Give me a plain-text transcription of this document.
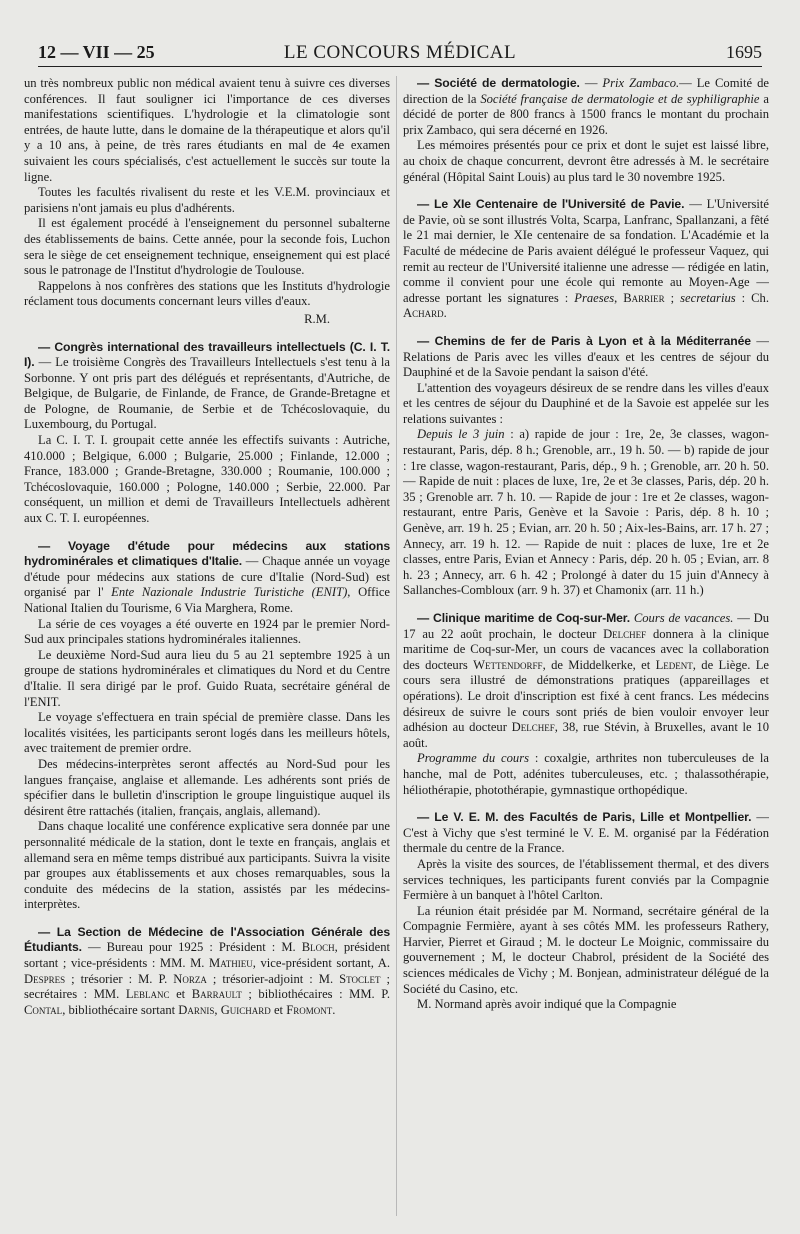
12 — VII — 25	LE CONCOURS MÉDICAL	1695

un très nombreux public non médical avaient tenu à suivre ces diverses conférences. Il faut souligner ici l'importance de ces diverses manifestations scientifiques. L'hydrologie et la climatologie sont entrées, de haute lutte, dans le domaine de la thérapeutique et alors qu'il y a 10 ans, à peine, de très rares étudiants en mal de 4e examen suivaient les cours spécialisés, c'est actuellement le succès sur toute la ligne.

Toutes les facultés rivalisent du reste et les V.E.M. provinciaux et parisiens n'ont jamais eu plus d'adhérents.

Il est également procédé à l'enseignement du personnel subalterne des établissements de bains. Cette année, pour la seconde fois, Luchon sera le siège de cet enseignement technique, enseignement qui est placé sous le patronage de l'Institut d'hydrologie de Toulouse.

Rappelons à nos confrères des stations que les Instituts d'hydrologie réclament tous documents concernant leurs villes d'eaux.

R.M.

— Congrès international des travailleurs intellectuels (C. I. T. I). — Le troisième Congrès des Travailleurs Intellectuels s'est tenu à la Sorbonne. Y ont pris part des délégués et représentants, d'Autriche, de Belgique, de Bulgarie, de Finlande, de France, de Grande-Bretagne et de Pologne, de Roumanie, de Serbie et de Tchécoslovaquie, du Luxembourg, du Portugal.

La C. I. T. I. groupait cette année les effectifs suivants : Autriche, 410.000 ; Belgique, 6.000 ; Bulgarie, 25.000 ; Finlande, 12.000 ; France, 183.000 ; Grande-Bretagne, 330.000 ; Roumanie, 100.000 ; Tchécoslovaquie, 160.000 ; Pologne, 140.000 ; Serbie, 22.000. Par conséquent, un million et demi de Travailleurs Intellectuels adhèrent aux C. T. I. européennes.

— Voyage d'étude pour médecins aux stations hydrominérales et climatiques d'Italie. — Chaque année un voyage d'étude pour médecins aux stations de cure d'Italie (Nord-Sud) est organisé par l' Ente Nazionale Industrie Turistiche (ENIT), Office National Italien du Tourisme, 6 Via Marghera, Rome.

La série de ces voyages a été ouverte en 1924 par le premier Nord-Sud aux principales stations hydrominérales italiennes.

Le deuxième Nord-Sud aura lieu du 5 au 21 septembre 1925 à un groupe de stations hydrominérales et climatiques du Nord et du Centre d'Italie. Il sera dirigé par le prof. Guido Ruata, secrétaire général de l'ENIT.

Le voyage s'effectuera en train spécial de première classe. Dans les localités visitées, les participants seront logés dans les meilleurs hôtels, avec traitement de premier ordre.

Des médecins-interprètes seront affectés au Nord-Sud pour les langues française, anglaise et allemande. Les adhérents sont priés de spécifier dans le bulletin d'inscription le groupe linguistique auquel ils désirent être rattachés (italien, français, anglais, allemand).

Dans chaque localité une conférence explicative sera donnée par une personnalité médicale de la station, dont le texte en français, anglais et allemand sera en même temps distribué aux participants. Suivra la visite par groupes aux établissements et aux choses remarquables, sous la conduite des médecins de la station, assistés par les médecins-interprètes.

— La Section de Médecine de l'Association Générale des Étudiants. — Bureau pour 1925 : Président : M. Bloch, président sortant ; vice-présidents : MM. M. Mathieu, vice-président sortant, A. Despres ; trésorier : M. P. Norza ; trésorier-adjoint : M. Stoclet ; secrétaires : MM. Leblanc et Barrault ; bibliothécaires : MM. P. Contal, bibliothécaire sortant Darnis, Guichard et Fromont.

— Société de dermatologie. — Prix Zambaco.— Le Comité de direction de la Société française de dermatologie et de syphiligraphie a décidé de porter de 800 francs à 1500 francs le montant du prochain prix Zambaco, qui sera décerné en 1926.

Les mémoires présentés pour ce prix et dont le sujet est laissé libre, au choix de chaque concurrent, devront être adressés à M. le secrétaire général (Hôpital Saint Louis) au plus tard le 30 novembre 1925.

— Le XIe Centenaire de l'Université de Pavie. — L'Université de Pavie, où se sont illustrés Volta, Scarpa, Lanfranc, Spallanzani, a fêté le 21 mai dernier, le XIe centenaire de sa fondation. L'Académie et la Faculté de médecine de Paris avaient délégué le professeur Vaquez, qui remit au recteur de l'Université italienne une adresse — rédigée en latin, comme il convient pour une école qui remonte au Moyen-Age — adresse portant les signatures : Praeses, Barrier ; secretarius : Ch. Achard.

— Chemins de fer de Paris à Lyon et à la Méditerranée — Relations de Paris avec les villes d'eaux et les centres de séjour du Dauphiné et de la Savoie pendant la saison d'été.

L'attention des voyageurs désireux de se rendre dans les villes d'eaux et les centres de séjour du Dauphiné et de la Savoie est appelée sur les relations suivantes :

Depuis le 3 juin : a) rapide de jour : 1re, 2e, 3e classes, wagon-restaurant, Paris, dép. 8 h.; Grenoble, arr., 19 h. 50. — b) rapide de jour : 1re classe, wagon-restaurant, Paris, dép., 9 h. ; Grenoble, arr. 20 h. 50. — Rapide de nuit : places de luxe, 1re, 2e et 3e classes, Paris, dép. 20 h. 35 ; Grenoble arr. 7 h. 10. — Rapide de jour : 1re et 2e classes, wagon-restaurant, entre Paris, Genève et la Savoie : Paris, dép. 8 h. 10 ; Genève, arr. 19 h. 25 ; Evian, arr. 20 h. 50 ; Aix-les-Bains, arr. 17 h. 27 ; Annecy, arr. 19 h. 12. — Rapide de nuit : places de luxe, 1re et 2e classes, entre Paris, Evian et Annecy : Paris, dép. 20 h. 05 ; Evian, arr. 8 h. 23 ; Annecy, arr. 6 h. 42 ; Prolongé à dater du 15 juin d'Annecy à Sallanches-Combloux (arr. 9 h. 37) et Chamonix (arr. 11 h.)

— Clinique maritime de Coq-sur-Mer. Cours de vacances. — Du 17 au 22 août prochain, le docteur Delchef donnera à la clinique maritime de Coq-sur-Mer, un cours de vacances avec la collaboration des docteurs Wettendorff, de Middelkerke, et Ledent, de Liège. Le cours sera illustré de démonstrations pratiques (appareillages et opérations). Le droit d'inscription est fixé à cent francs. Les médecins désireux de suivre le cours sont priés de bien vouloir envoyer leur adhésion au docteur Delchef, 38, rue Stévin, à Bruxelles, avant le 10 août.

Programme du cours : coxalgie, arthrites non tuberculeuses de la hanche, mal de Pott, adénites tuberculeuses, etc. ; thalassothérapie, héliothérapie, photothérapie, gymnastique orthopédique.

— Le V. E. M. des Facultés de Paris, Lille et Montpellier. — C'est à Vichy que s'est terminé le V. E. M. organisé par la Fédération thermale du centre de la France.

Après la visite des sources, de l'établissement thermal, et des divers services techniques, les participants furent conviés par la Compagnie Fermière à un banquet à l'hôtel Carlton.

La réunion était présidée par M. Normand, secrétaire général de la Compagnie Fermière, ayant à ses côtés MM. les professeurs Rathery, Harvier, Pierret et Giraud ; M. le docteur Le Moignic, commissaire du gouvernement ; M, le docteur Chabrol, président de la Société des sciences médicales de Vichy ; M. Bonjean, administrateur délégué de la Société du Casino, etc.

M. Normand après avoir indiqué que la Compagnie
